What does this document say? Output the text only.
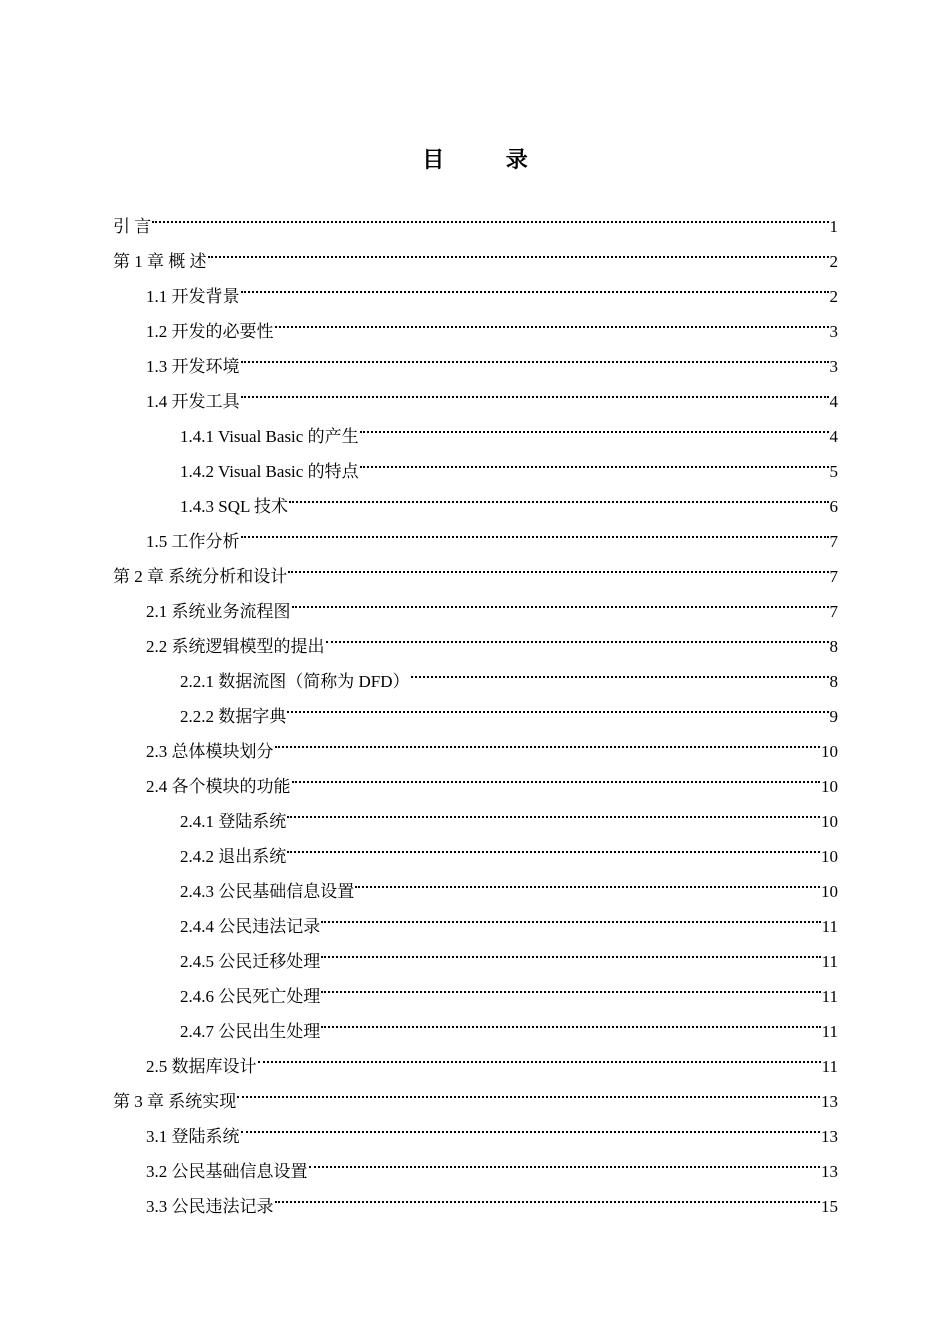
目 录
引 言	1
第 1 章 概 述	2
1.1 开发背景	2
1.2 开发的必要性	3
1.3 开发环境	3
1.4 开发工具	4
1.4.1 Visual Basic 的产生	4
1.4.2 Visual Basic 的特点	5
1.4.3 SQL 技术	6
1.5 工作分析	7
第 2 章 系统分析和设计	7
2.1 系统业务流程图	7
2.2 系统逻辑模型的提出	8
2.2.1 数据流图（简称为 DFD）	8
2.2.2 数据字典	9
2.3 总体模块划分	10
2.4 各个模块的功能	10
2.4.1 登陆系统	10
2.4.2 退出系统	10
2.4.3 公民基础信息设置	10
2.4.4 公民违法记录	11
2.4.5 公民迁移处理	11
2.4.6 公民死亡处理	11
2.4.7 公民出生处理	11
2.5 数据库设计	11
第 3 章 系统实现	13
3.1 登陆系统	13
3.2 公民基础信息设置	13
3.3 公民违法记录	15
